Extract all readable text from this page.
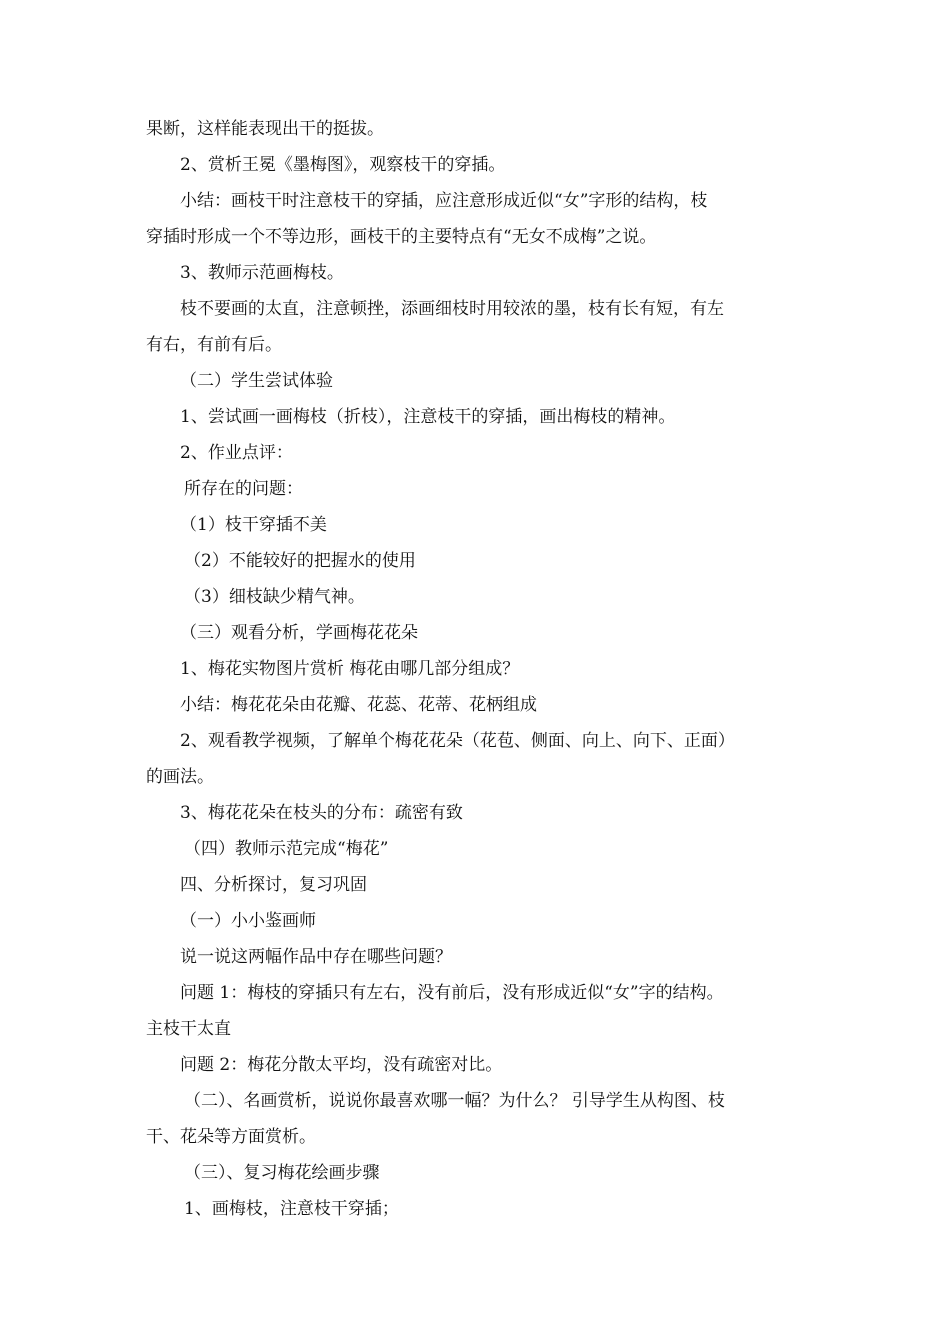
果断，这样能表现出干的挺拔。
2、赏析王冕《墨梅图》，观察枝干的穿插。
小结：画枝干时注意枝干的穿插，应注意形成近似“女”字形的结构，枝
穿插时形成一个不等边形，画枝干的主要特点有“无女不成梅”之说。
3、教师示范画梅枝。
枝不要画的太直，注意顿挫，添画细枝时用较浓的墨，枝有长有短，有左
有右，有前有后。
（二）学生尝试体验
1、尝试画一画梅枝（折枝），注意枝干的穿插，画出梅枝的精神。
2、作业点评：
所存在的问题：
（1）枝干穿插不美
（2）不能较好的把握水的使用
（3）细枝缺少精气神。
（三）观看分析，学画梅花花朵
1、梅花实物图片赏析 梅花由哪几部分组成？
小结：梅花花朵由花瓣、花蕊、花蒂、花柄组成
2、观看教学视频，了解单个梅花花朵（花苞、侧面、向上、向下、正面）
的画法。
3、梅花花朵在枝头的分布：疏密有致
（四）教师示范完成“梅花”
四、分析探讨，复习巩固
（一）小小鉴画师
说一说这两幅作品中存在哪些问题？
问题 1：梅枝的穿插只有左右，没有前后，没有形成近似“女”字的结构。
主枝干太直
问题 2：梅花分散太平均，没有疏密对比。
（二）、名画赏析，说说你最喜欢哪一幅？为什么？ 引导学生从构图、枝
干、花朵等方面赏析。
（三）、复习梅花绘画步骤
1、画梅枝，注意枝干穿插；
